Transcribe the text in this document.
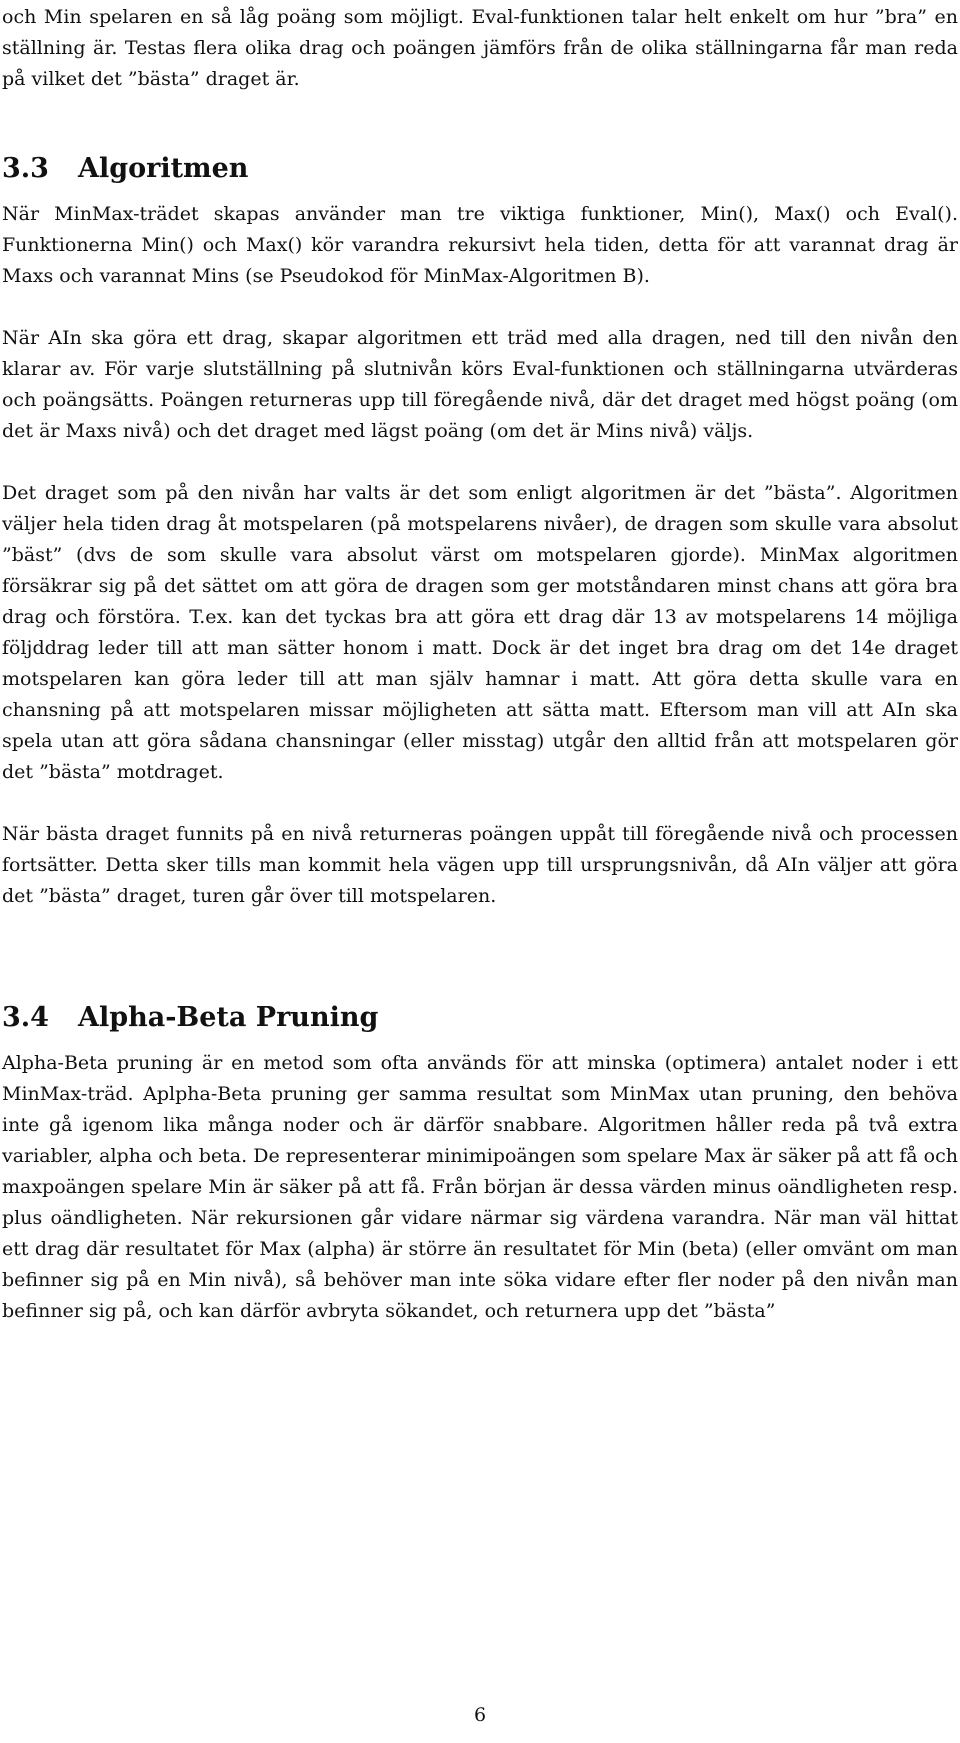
och Min spelaren en så låg poäng som möjligt. Eval-funktionen talar helt enkelt om hur ”bra” en ställning är. Testas flera olika drag och poängen jämförs från de olika ställningarna får man reda på vilket det ”bästa” draget är.

3.3	Algoritmen

När MinMax-trädet skapas använder man tre viktiga funktioner, Min(), Max() och Eval(). Funktionerna Min() och Max() kör varandra rekursivt hela tiden, detta för att varannat drag är Maxs och varannat Mins (se Pseudokod för MinMax-Algoritmen B).

När AIn ska göra ett drag, skapar algoritmen ett träd med alla dragen, ned till den nivån den klarar av. För varje slutställning på slutnivån körs Eval-funktionen och ställningarna utvärderas och poängsätts. Poängen returneras upp till föregående nivå, där det draget med högst poäng (om det är Maxs nivå) och det draget med lägst poäng (om det är Mins nivå) väljs.

Det draget som på den nivån har valts är det som enligt algoritmen är det ”bästa”. Algoritmen väljer hela tiden drag åt motspelaren (på motspelarens nivåer), de dragen som skulle vara absolut ”bäst” (dvs de som skulle vara absolut värst om motspelaren gjorde). MinMax algoritmen försäkrar sig på det sättet om att göra de dragen som ger motståndaren minst chans att göra bra drag och förstöra. T.ex. kan det tyckas bra att göra ett drag där 13 av motspelarens 14 möjliga följddrag leder till att man sätter honom i matt. Dock är det inget bra drag om det 14e draget motspelaren kan göra leder till att man själv hamnar i matt. Att göra detta skulle vara en chansning på att motspelaren missar möjligheten att sätta matt. Eftersom man vill att AIn ska spela utan att göra sådana chansningar (eller misstag) utgår den alltid från att motspelaren gör det ”bästa” motdraget.

När bästa draget funnits på en nivå returneras poängen uppåt till föregående nivå och processen fortsätter. Detta sker tills man kommit hela vägen upp till ursprungsnivån, då AIn väljer att göra det ”bästa” draget, turen går över till motspelaren.

3.4	Alpha-Beta Pruning

Alpha-Beta pruning är en metod som ofta används för att minska (optimera) antalet noder i ett MinMax-träd. Aplpha-Beta pruning ger samma resultat som MinMax utan pruning, den behöva inte gå igenom lika många noder och är därför snabbare. Algoritmen håller reda på två extra variabler, alpha och beta. De representerar minimipoängen som spelare Max är säker på att få och maxpoängen spelare Min är säker på att få. Från början är dessa värden minus oändligheten resp. plus oändligheten. När rekursionen går vidare närmar sig värdena varandra. När man väl hittat ett drag där resultatet för Max (alpha) är större än resultatet för Min (beta) (eller omvänt om man befinner sig på en Min nivå), så behöver man inte söka vidare efter fler noder på den nivån man befinner sig på, och kan därför avbryta sökandet, och returnera upp det ”bästa”

6
